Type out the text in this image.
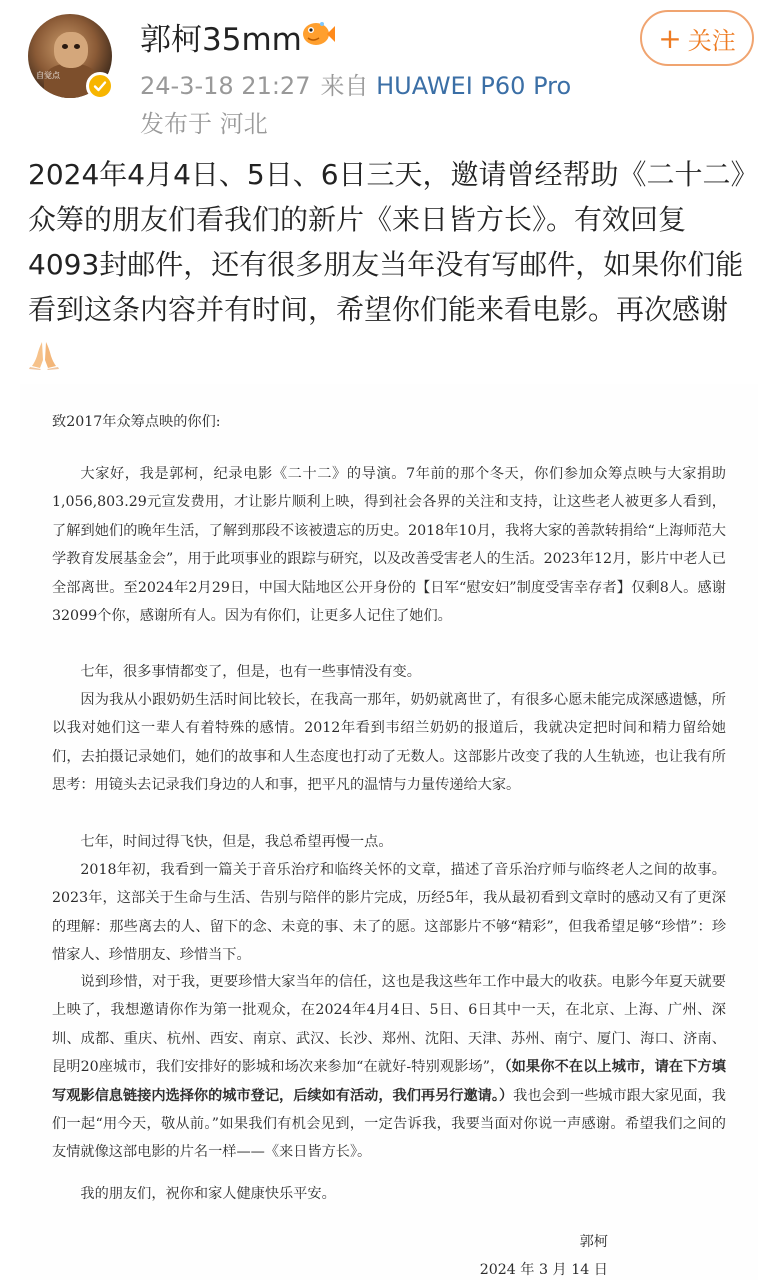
自觉点
郭柯35mm
24-3-18 21:27 来自 HUAWEI P60 Pro
发布于 河北
+ 关注
2024年4月4日、5日、6日三天，邀请曾经帮助《二十二》众筹的朋友们看我们的新片《来日皆方长》。有效回复4093封邮件，还有很多朋友当年没有写邮件，如果你们能看到这条内容并有时间，希望你们能来看电影。再次感谢

致2017年众筹点映的你们:

大家好，我是郭柯，纪录电影《二十二》的导演。7年前的那个冬天，你们参加众筹点映与大家捐助1,056,803.29元宣发费用，才让影片顺利上映，得到社会各界的关注和支持，让这些老人被更多人看到，了解到她们的晚年生活，了解到那段不该被遗忘的历史。2018年10月，我将大家的善款转捐给“上海师范大学教育发展基金会”，用于此项事业的跟踪与研究，以及改善受害老人的生活。2023年12月，影片中老人已全部离世。至2024年2月29日，中国大陆地区公开身份的【日军“慰安妇”制度受害幸存者】仅剩8人。感谢32099个你，感谢所有人。因为有你们，让更多人记住了她们。

七年，很多事情都变了，但是，也有一些事情没有变。

因为我从小跟奶奶生活时间比较长，在我高一那年，奶奶就离世了，有很多心愿未能完成深感遗憾，所以我对她们这一辈人有着特殊的感情。2012年看到韦绍兰奶奶的报道后，我就决定把时间和精力留给她们，去拍摄记录她们，她们的故事和人生态度也打动了无数人。这部影片改变了我的人生轨迹，也让我有所思考：用镜头去记录我们身边的人和事，把平凡的温情与力量传递给大家。

七年，时间过得飞快，但是，我总希望再慢一点。

2018年初，我看到一篇关于音乐治疗和临终关怀的文章，描述了音乐治疗师与临终老人之间的故事。2023年，这部关于生命与生活、告别与陪伴的影片完成，历经5年，我从最初看到文章时的感动又有了更深的理解：那些离去的人、留下的念、未竟的事、未了的愿。这部影片不够“精彩”，但我希望足够“珍惜”：珍惜家人、珍惜朋友、珍惜当下。

说到珍惜，对于我，更要珍惜大家当年的信任，这也是我这些年工作中最大的收获。电影今年夏天就要上映了，我想邀请你作为第一批观众，在2024年4月4日、5日、6日其中一天，在北京、上海、广州、深圳、成都、重庆、杭州、西安、南京、武汉、长沙、郑州、沈阳、天津、苏州、南宁、厦门、海口、济南、昆明20座城市，我们安排好的影城和场次来参加“在就好-特别观影场”，（如果你不在以上城市，请在下方填写观影信息链接内选择你的城市登记，后续如有活动，我们再另行邀请。）我也会到一些城市跟大家见面，我们一起“用今天，敬从前。”如果我们有机会见到，一定告诉我，我要当面对你说一声感谢。希望我们之间的友情就像这部电影的片名一样——《来日皆方长》。

我的朋友们，祝你和家人健康快乐平安。

郭柯

2024 年 3 月 14 日
